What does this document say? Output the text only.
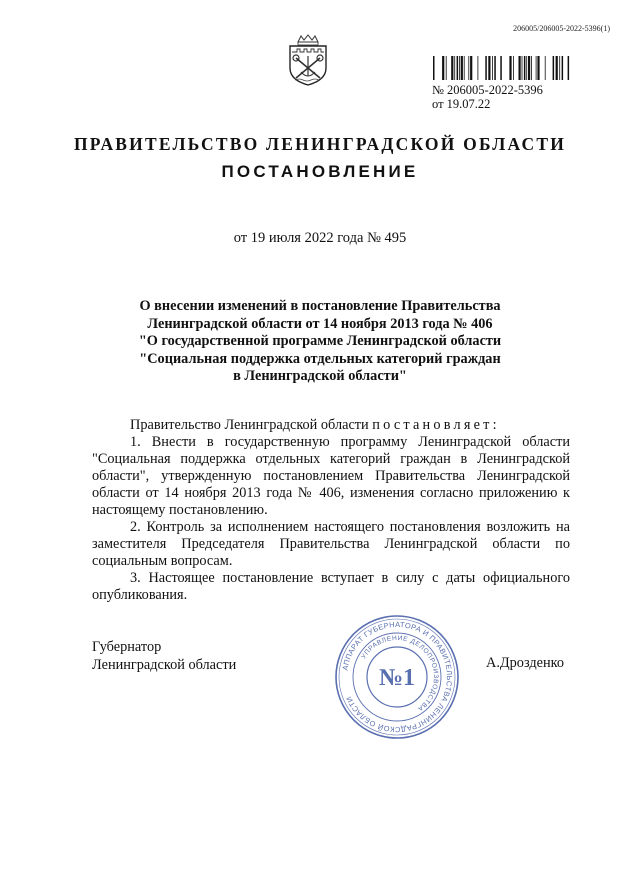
206005/206005-2022-5396(1)
№ 206005-2022-5396
от 19.07.22
ПРАВИТЕЛЬСТВО ЛЕНИНГРАДСКОЙ ОБЛАСТИ
ПОСТАНОВЛЕНИЕ
от 19 июля 2022 года № 495
О внесении изменений в постановление Правительства
Ленинградской области от 14 ноября 2013 года № 406
"О государственной программе Ленинградской области
"Социальная поддержка отдельных категорий граждан
в Ленинградской области"

Правительство Ленинградской области постановляет:

1. Внести в государственную программу Ленинградской области "Социальная поддержка отдельных категорий граждан в Ленинградской области", утвержденную постановлением Правительства Ленинградской области от 14 ноября 2013 года № 406, изменения согласно приложению к настоящему постановлению.

2. Контроль за исполнением настоящего постановления возложить на заместителя Председателя Правительства Ленинградской области по социальным вопросам.

3. Настоящее постановление вступает в силу с даты официального опубликования.

Губернатор
Ленинградской области	А.Дрозденко
АППАРАТ ГУБЕРНАТОРА И ПРАВИТЕЛЬСТВА ЛЕНИНГРАДСКОЙ ОБЛАСТИ
УПРАВЛЕНИЕ ДЕЛОПРОИЗВОДСТВА
№1
